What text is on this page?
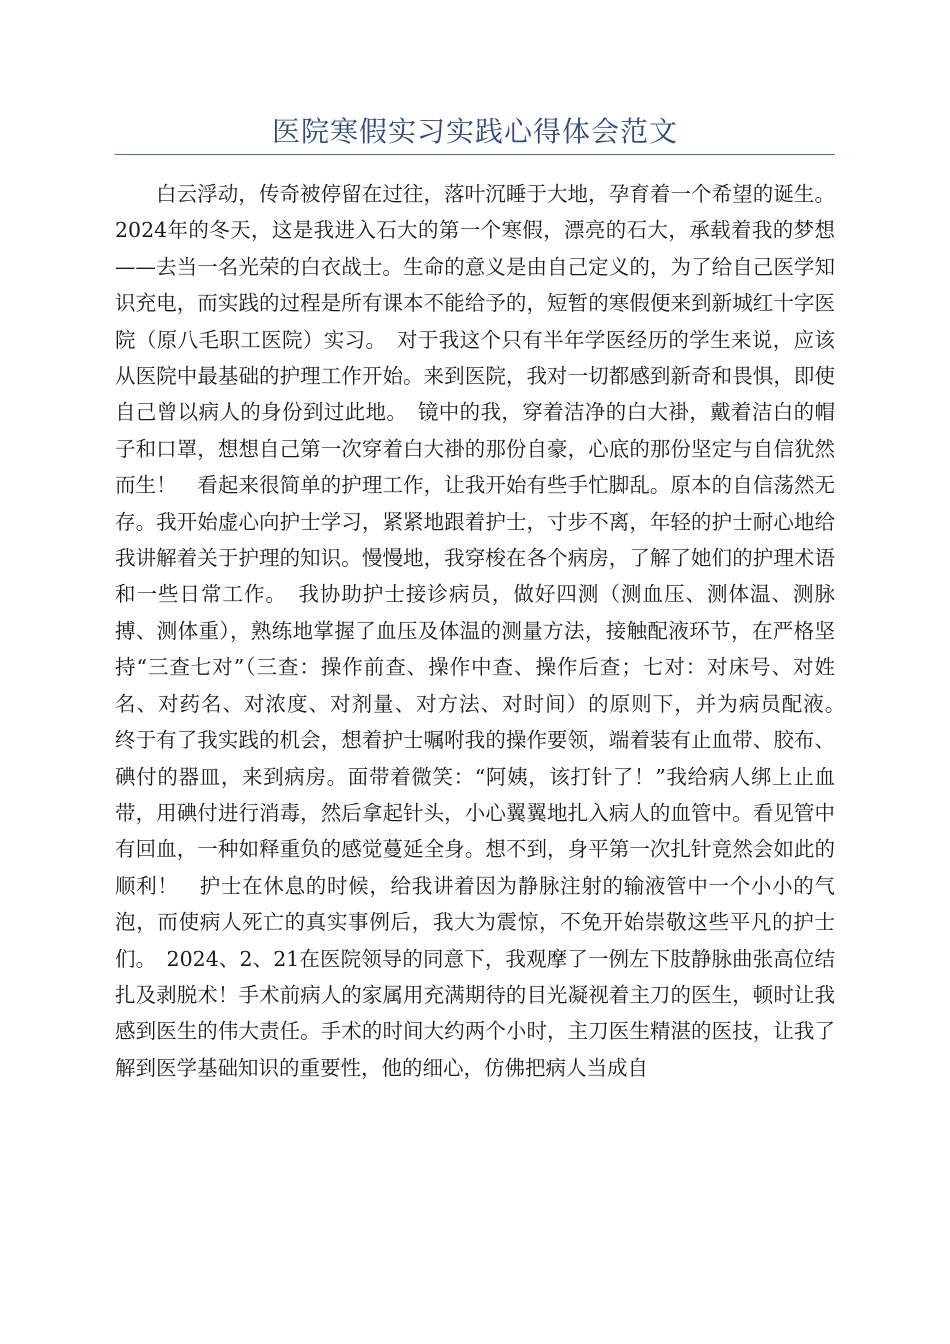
医院寒假实习实践心得体会范文

白云浮动，传奇被停留在过往，落叶沉睡于大地，孕育着一个希望的诞生。2024年的冬天，这是我进入石大的第一个寒假，漂亮的石大，承载着我的梦想——去当一名光荣的白衣战士。生命的意义是由自己定义的，为了给自己医学知识充电，而实践的过程是所有课本不能给予的，短暂的寒假便来到新城红十字医院（原八毛职工医院）实习。　对于我这个只有半年学医经历的学生来说，应该从医院中最基础的护理工作开始。来到医院，我对一切都感到新奇和畏惧，即使自己曾以病人的身份到过此地。　镜中的我，穿着洁净的白大褂，戴着洁白的帽子和口罩，想想自己第一次穿着白大褂的那份自豪，心底的那份坚定与自信犹然而生！　看起来很简单的护理工作，让我开始有些手忙脚乱。原本的自信荡然无存。我开始虚心向护士学习，紧紧地跟着护士，寸步不离，年轻的护士耐心地给我讲解着关于护理的知识。慢慢地，我穿梭在各个病房，了解了她们的护理术语和一些日常工作。　我协助护士接诊病员，做好四测（测血压、测体温、测脉搏、测体重），熟练地掌握了血压及体温的测量方法，接触配液环节，在严格坚持“三查七对”（三查：操作前查、操作中查、操作后查；七对：对床号、对姓名、对药名、对浓度、对剂量、对方法、对时间）的原则下，并为病员配液。　终于有了我实践的机会，想着护士嘱咐我的操作要领，端着装有止血带、胶布、碘付的器皿，来到病房。面带着微笑：“阿姨，该打针了！”我给病人绑上止血带，用碘付进行消毒，然后拿起针头，小心翼翼地扎入病人的血管中。看见管中有回血，一种如释重负的感觉蔓延全身。想不到，身平第一次扎针竟然会如此的顺利！　护士在休息的时候，给我讲着因为静脉注射的输液管中一个小小的气泡，而使病人死亡的真实事例后，我大为震惊，不免开始崇敬这些平凡的护士们。　2024、2、21在医院领导的同意下，我观摩了一例左下肢静脉曲张高位结扎及剥脱术！手术前病人的家属用充满期待的目光凝视着主刀的医生，顿时让我感到医生的伟大责任。手术的时间大约两个小时，主刀医生精湛的医技，让我了解到医学基础知识的重要性，他的细心，仿佛把病人当成自
